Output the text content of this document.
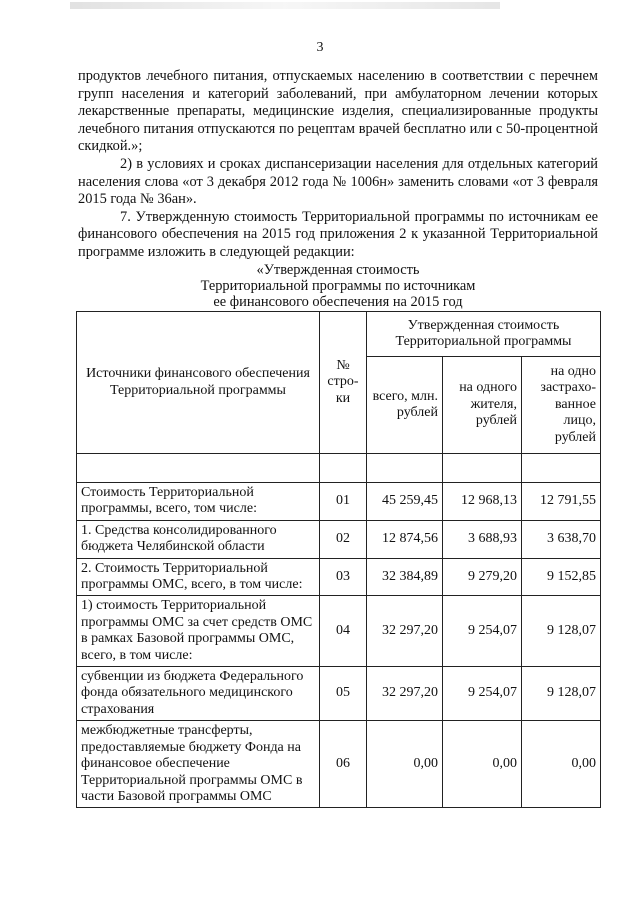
3

продуктов лечебного питания, отпускаемых населению в соответствии с перечнем групп населения и категорий заболеваний, при амбулаторном лечении которых лекарственные препараты, медицинские изделия, специализированные продукты лечебного питания отпускаются по рецептам врачей бесплатно или с 50-процентной скидкой.»;

2) в условиях и сроках диспансеризации населения для отдельных категорий населения слова «от 3 декабря 2012 года № 1006н» заменить словами «от 3 февраля 2015 года № 36ан».

7. Утвержденную стоимость Территориальной программы по источникам ее финансового обеспечения на 2015 год приложения 2 к указанной Территориальной программе изложить в следующей редакции:

«Утвержденная стоимость

Территориальной программы по источникам

ее финансового обеспечения на 2015 год

Источники финансового обеспечения Территориальной программы	№ стро- ки	Утвержденная стоимость Территориальной программы		
		всего, млн. рублей	на одного жителя, рублей	на одно застрахо- ванное лицо, рублей

Стоимость Территориальной программы, всего, том числе:	01	45 259,45	12 968,13	12 791,55
1. Средства консолидированного бюджета Челябинской области	02	12 874,56	3 688,93	3 638,70
2. Стоимость Территориальной программы ОМС, всего, в том числе:	03	32 384,89	9 279,20	9 152,85
1) стоимость Территориальной программы ОМС за счет средств ОМС в рамках Базовой программы ОМС, всего, в том числе:	04	32 297,20	9 254,07	9 128,07
субвенции из бюджета Федерального фонда обязательного медицинского страхования	05	32 297,20	9 254,07	9 128,07
межбюджетные трансферты, предоставляемые бюджету Фонда на финансовое обеспечение Территориальной программы ОМС в части Базовой программы ОМС	06	0,00	0,00	0,00
